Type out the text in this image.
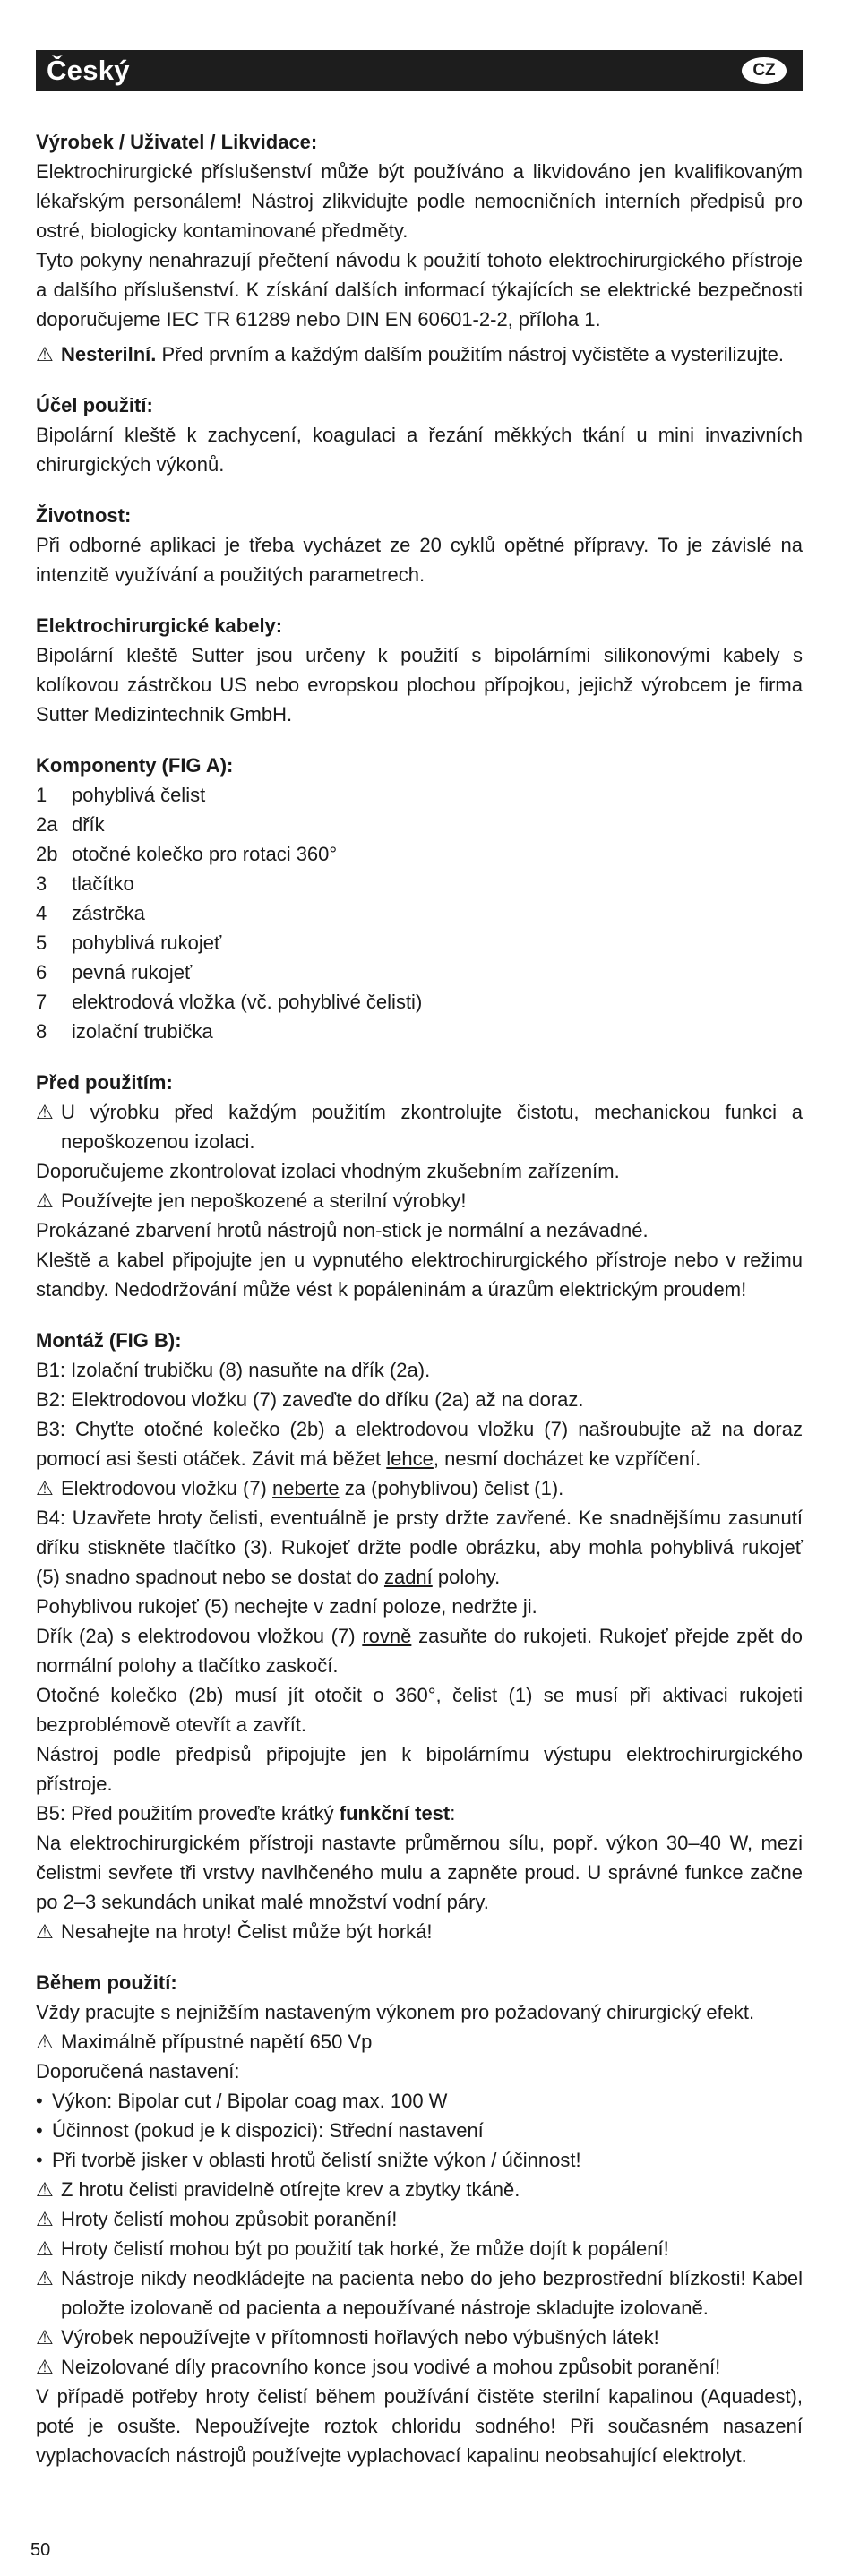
Český	CZ
Výrobek / Uživatel / Likvidace:
Elektrochirurgické příslušenství může být používáno a likvidováno jen kvalifikovaným lékařským personálem! Nástroj zlikvidujte podle nemocničních interních předpisů pro ostré, biologicky kontaminované předměty.
Tyto pokyny nenahrazují přečtení návodu k použití tohoto elektrochirurgického přístroje a dalšího příslušenství. K získání dalších informací týkajících se elektrické bezpečnosti doporučujeme IEC TR 61289 nebo DIN EN 60601-2-2, příloha 1.
⚠ Nesterilní. Před prvním a každým dalším použitím nástroj vyčistěte a vysterilizujte.
Účel použití:
Bipolární kleště k zachycení, koagulaci a řezání měkkých tkání u mini invazivních chirurgických výkonů.
Životnost:
Při odborné aplikaci je třeba vycházet ze 20 cyklů opětné přípravy. To je závislé na intenzitě využívání a použitých parametrech.
Elektrochirurgické kabely:
Bipolární kleště Sutter jsou určeny k použití s bipolárními silikonovými kabely s kolíkovou zástrčkou US nebo evropskou plochou přípojkou, jejichž výrobcem je firma Sutter Medizintechnik GmbH.
Komponenty (FIG A):
1	pohyblivá čelist
2a dřík
2b otočné kolečko pro rotaci 360°
3	tlačítko
4	zástrčka
5	pohyblivá rukojeť
6	pevná rukojeť
7	elektrodová vložka (vč. pohyblivé čelisti)
8	izolační trubička
Před použitím:
⚠ U výrobku před každým použitím zkontrolujte čistotu, mechanickou funkci a nepoškozenou izolaci.
Doporučujeme zkontrolovat izolaci vhodným zkušebním zařízením.
⚠ Používejte jen nepoškozené a sterilní výrobky!
Prokázané zbarvení hrotů nástrojů non-stick je normální a nezávadné.
Kleště a kabel připojujte jen u vypnutého elektrochirurgického přístroje nebo v režimu standby. Nedodržování může vést k popáleninám a úrazům elektrickým proudem!
Montáž (FIG B):
B1: Izolační trubičku (8) nasuňte na dřík (2a).
B2: Elektrodovou vložku (7) zaveďte do dříku (2a) až na doraz.
B3: Chyťte otočné kolečko (2b) a elektrodovou vložku (7) našroubujte až na doraz pomocí asi šesti otáček. Závit má běžet lehce, nesmí docházet ke vzpříčení.
⚠ Elektrodovou vložku (7) neberte za (pohyblivou) čelist (1).
B4: Uzavřete hroty čelisti, eventuálně je prsty držte zavřené. Ke snadnějšímu zasunutí dříku stiskněte tlačítko (3). Rukojeť držte podle obrázku, aby mohla pohyblivá rukojeť (5) snadno spadnout nebo se dostat do zadní polohy.
Pohyblivou rukojeť (5) nechejte v zadní poloze, nedržte ji.
Dřík (2a) s elektrodovou vložkou (7) rovně zasuňte do rukojeti. Rukojeť přejde zpět do normální polohy a tlačítko zaskočí.
Otočné kolečko (2b) musí jít otočit o 360°, čelist (1) se musí při aktivaci rukojeti bezproblémově otevřít a zavřít.
Nástroj podle předpisů připojujte jen k bipolárnímu výstupu elektrochirurgického přístroje.
B5: Před použitím proveďte krátký funkční test:
Na elektrochirurgickém přístroji nastavte průměrnou sílu, popř. výkon 30–40 W, mezi čelistmi sevřete tři vrstvy navlhčeného mulu a zapněte proud. U správné funkce začne po 2–3 sekundách unikat malé množství vodní páry.
⚠ Nesahejte na hroty! Čelist může být horká!
Během použití:
Vždy pracujte s nejnižším nastaveným výkonem pro požadovaný chirurgický efekt.
⚠ Maximálně přípustné napětí 650 Vp
Doporučená nastavení:
• Výkon: Bipolar cut / Bipolar coag max. 100 W
• Účinnost (pokud je k dispozici): Střední nastavení
• Při tvorbě jisker v oblasti hrotů čelistí snižte výkon / účinnost!
⚠ Z hrotu čelisti pravidelně otírejte krev a zbytky tkáně.
⚠ Hroty čelistí mohou způsobit poranění!
⚠ Hroty čelistí mohou být po použití tak horké, že může dojít k popálení!
⚠ Nástroje nikdy neodkládejte na pacienta nebo do jeho bezprostřední blízkosti! Kabel položte izolovaně od pacienta a nepoužívané nástroje skladujte izolovaně.
⚠ Výrobek nepoužívejte v přítomnosti hořlavých nebo výbušných látek!
⚠ Neizolované díly pracovního konce jsou vodivé a mohou způsobit poranění!
V případě potřeby hroty čelistí během používání čistěte sterilní kapalinou (Aquadest), poté je osušte. Nepoužívejte roztok chloridu sodného! Při současném nasazení vyplachovacích nástrojů používejte vyplachovací kapalinu neobsahující elektrolyt.
50
